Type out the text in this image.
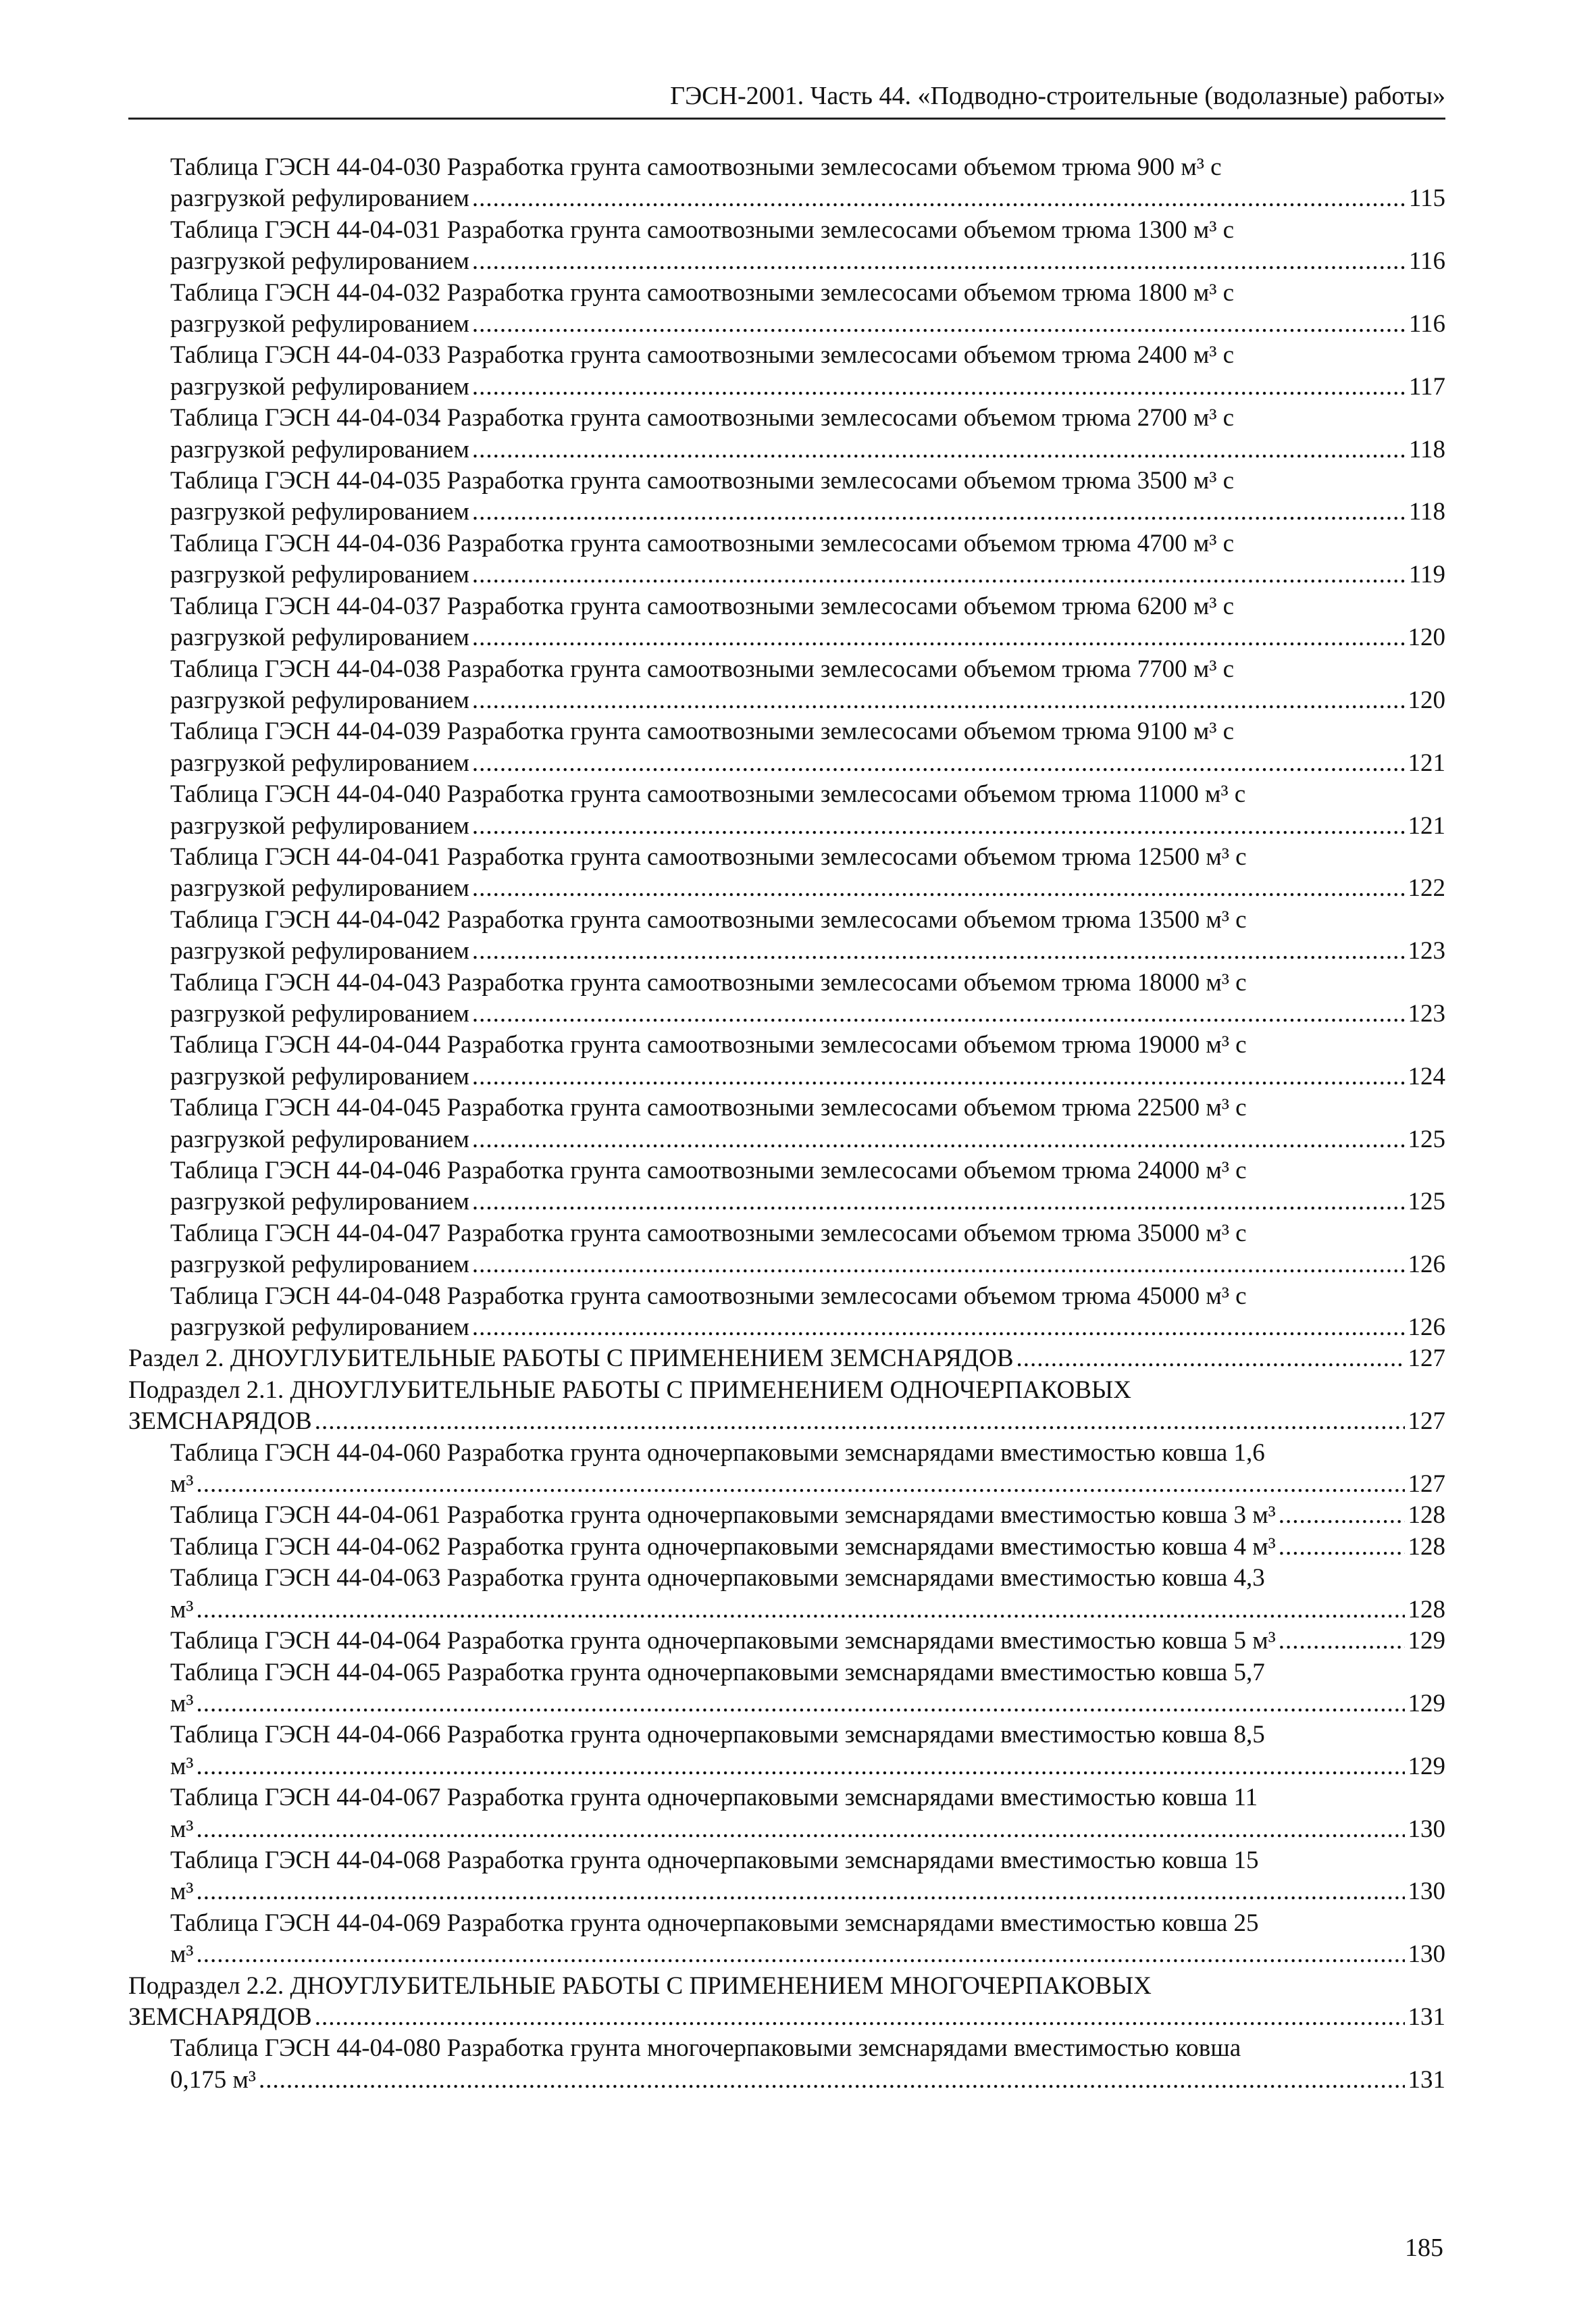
ГЭСН-2001. Часть 44. «Подводно-строительные (водолазные) работы»
Таблица ГЭСН 44-04-030 Разработка грунта самоотвозными землесосами объемом трюма 900 м³ с
разгрузкой рефулированием .....	115
Таблица ГЭСН 44-04-031 Разработка грунта самоотвозными землесосами объемом трюма 1300 м³ с
разгрузкой рефулированием .....	116
Таблица ГЭСН 44-04-032 Разработка грунта самоотвозными землесосами объемом трюма 1800 м³ с
разгрузкой рефулированием .....	116
Таблица ГЭСН 44-04-033 Разработка грунта самоотвозными землесосами объемом трюма 2400 м³ с
разгрузкой рефулированием .....	117
Таблица ГЭСН 44-04-034 Разработка грунта самоотвозными землесосами объемом трюма 2700 м³ с
разгрузкой рефулированием .....	118
Таблица ГЭСН 44-04-035 Разработка грунта самоотвозными землесосами объемом трюма 3500 м³ с
разгрузкой рефулированием .....	118
Таблица ГЭСН 44-04-036 Разработка грунта самоотвозными землесосами объемом трюма 4700 м³ с
разгрузкой рефулированием .....	119
Таблица ГЭСН 44-04-037 Разработка грунта самоотвозными землесосами объемом трюма 6200 м³ с
разгрузкой рефулированием .....	120
Таблица ГЭСН 44-04-038 Разработка грунта самоотвозными землесосами объемом трюма 7700 м³ с
разгрузкой рефулированием .....	120
Таблица ГЭСН 44-04-039 Разработка грунта самоотвозными землесосами объемом трюма 9100 м³ с
разгрузкой рефулированием .....	121
Таблица ГЭСН 44-04-040 Разработка грунта самоотвозными землесосами объемом трюма 11000 м³ с
разгрузкой рефулированием .....	121
Таблица ГЭСН 44-04-041 Разработка грунта самоотвозными землесосами объемом трюма 12500 м³ с
разгрузкой рефулированием .....	122
Таблица ГЭСН 44-04-042 Разработка грунта самоотвозными землесосами объемом трюма 13500 м³ с
разгрузкой рефулированием .....	123
Таблица ГЭСН 44-04-043 Разработка грунта самоотвозными землесосами объемом трюма 18000 м³ с
разгрузкой рефулированием .....	123
Таблица ГЭСН 44-04-044 Разработка грунта самоотвозными землесосами объемом трюма 19000 м³ с
разгрузкой рефулированием .....	124
Таблица ГЭСН 44-04-045 Разработка грунта самоотвозными землесосами объемом трюма 22500 м³ с
разгрузкой рефулированием .....	125
Таблица ГЭСН 44-04-046 Разработка грунта самоотвозными землесосами объемом трюма 24000 м³ с
разгрузкой рефулированием .....	125
Таблица ГЭСН 44-04-047 Разработка грунта самоотвозными землесосами объемом трюма 35000 м³ с
разгрузкой рефулированием .....	126
Таблица ГЭСН 44-04-048 Разработка грунта самоотвозными землесосами объемом трюма 45000 м³ с
разгрузкой рефулированием .....	126
Раздел 2. ДНОУГЛУБИТЕЛЬНЫЕ РАБОТЫ С ПРИМЕНЕНИЕМ ЗЕМСНАРЯДОВ .....	127
Подраздел 2.1. ДНОУГЛУБИТЕЛЬНЫЕ РАБОТЫ С ПРИМЕНЕНИЕМ ОДНОЧЕРПАКОВЫХ
ЗЕМСНАРЯДОВ .....	127
Таблица ГЭСН 44-04-060 Разработка грунта одночерпаковыми земснарядами вместимостью ковша 1,6
м³ .....	127
Таблица ГЭСН 44-04-061 Разработка грунта одночерпаковыми земснарядами вместимостью ковша 3 м³ .....	128
Таблица ГЭСН 44-04-062 Разработка грунта одночерпаковыми земснарядами вместимостью ковша 4 м³ .....	128
Таблица ГЭСН 44-04-063 Разработка грунта одночерпаковыми земснарядами вместимостью ковша 4,3
м³ .....	128
Таблица ГЭСН 44-04-064 Разработка грунта одночерпаковыми земснарядами вместимостью ковша 5 м³ .....	129
Таблица ГЭСН 44-04-065 Разработка грунта одночерпаковыми земснарядами вместимостью ковша 5,7
м³ .....	129
Таблица ГЭСН 44-04-066 Разработка грунта одночерпаковыми земснарядами вместимостью ковша 8,5
м³ .....	129
Таблица ГЭСН 44-04-067 Разработка грунта одночерпаковыми земснарядами вместимостью ковша 11
м³ .....	130
Таблица ГЭСН 44-04-068 Разработка грунта одночерпаковыми земснарядами вместимостью ковша 15
м³ .....	130
Таблица ГЭСН 44-04-069 Разработка грунта одночерпаковыми земснарядами вместимостью ковша 25
м³ .....	130
Подраздел 2.2. ДНОУГЛУБИТЕЛЬНЫЕ РАБОТЫ С ПРИМЕНЕНИЕМ МНОГОЧЕРПАКОВЫХ
ЗЕМСНАРЯДОВ .....	131
Таблица ГЭСН 44-04-080 Разработка грунта многочерпаковыми земснарядами вместимостью ковша
0,175 м³ .....	131
185
